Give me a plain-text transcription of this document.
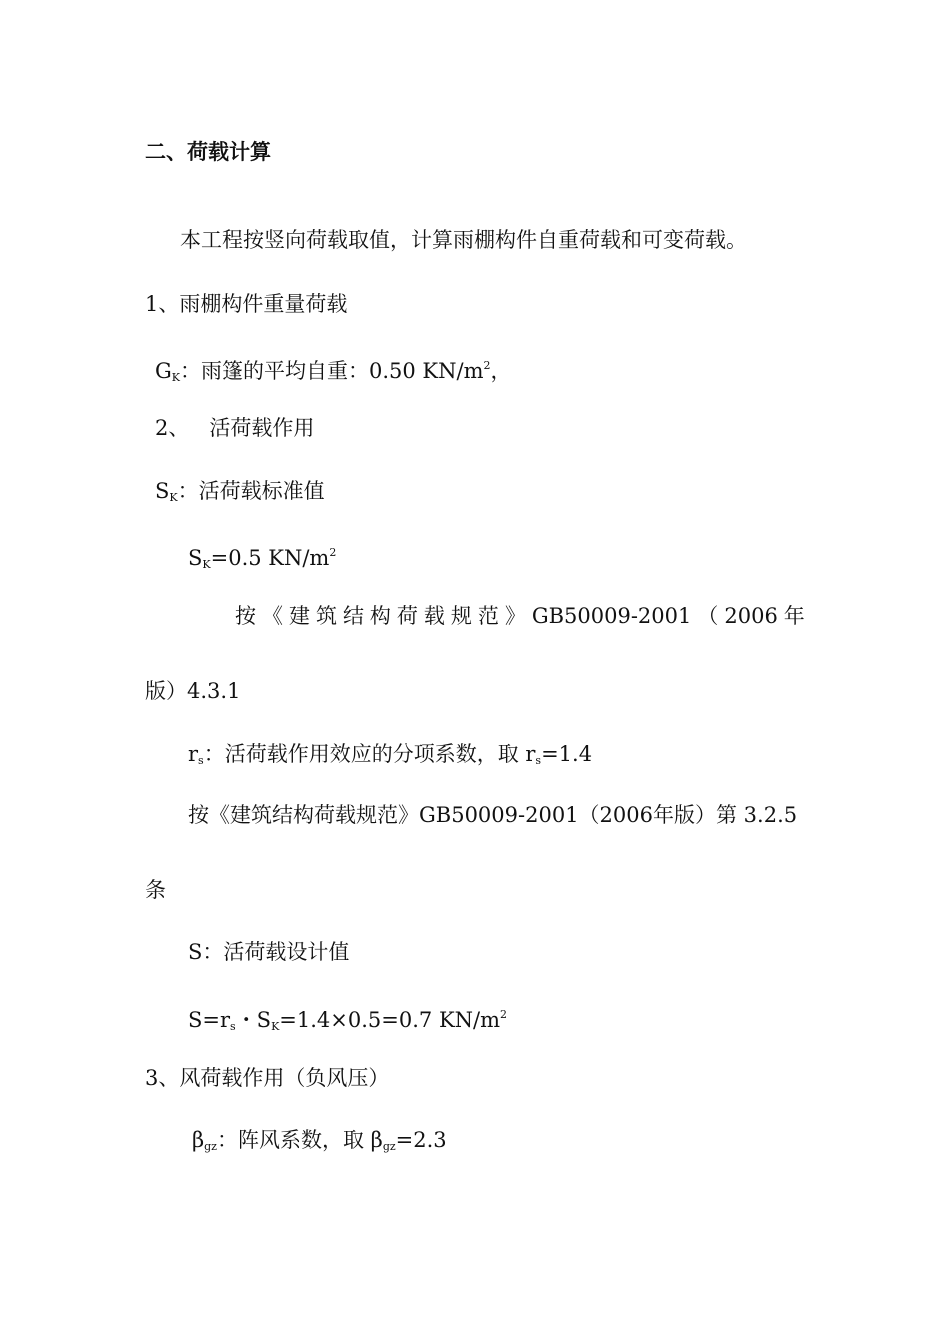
二、荷载计算
本工程按竖向荷载取值，计算雨棚构件自重荷载和可变荷载。
1、雨棚构件重量荷载
$G_K$：雨篷的平均自重：0.50 $KN/m^2$，
2、   活荷载作用
$S_K$：活荷载标准值
$S_K=0.5$ $KN/m^2$
按 《 建 筑 结 构 荷 载 规 范 》 GB50009-2001 （ 2006 年
版）4.3.1
$r_s$：活荷载作用效应的分项系数，取 $r_s=1.4$
按《建筑结构荷载规范》GB50009-2001（2006年版）第 3.2.5
条
S：活荷载设计值
$S=r_s$・$S_K=1.4\times 0.5=0.7$ $KN/m^2$
3、风荷载作用（负风压）
$\beta_{gz}$：阵风系数，取 $\beta_{gz}=2.3$
